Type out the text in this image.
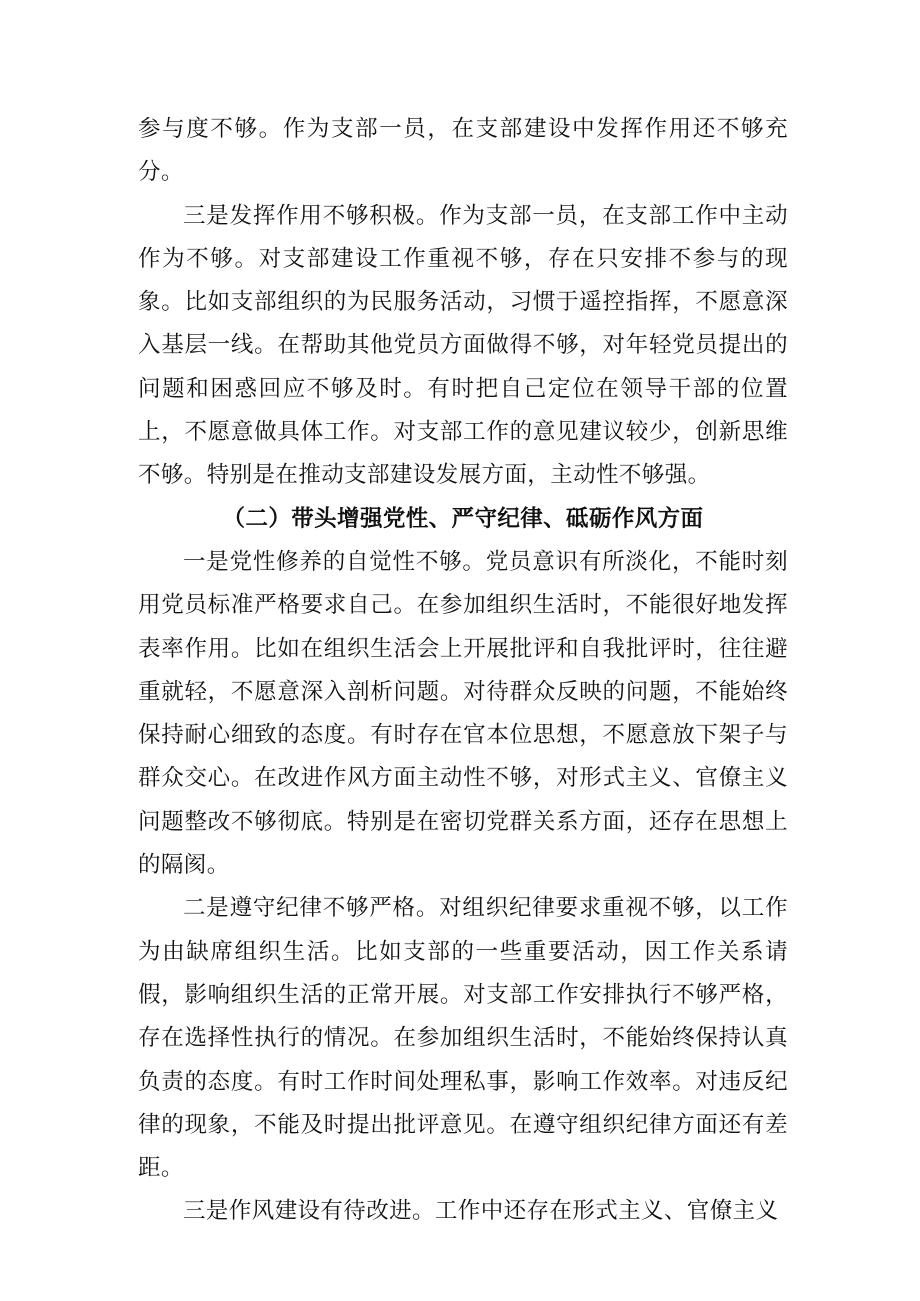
参与度不够。作为支部一员，在支部建设中发挥作用还不够充分。

三是发挥作用不够积极。作为支部一员，在支部工作中主动作为不够。对支部建设工作重视不够，存在只安排不参与的现象。比如支部组织的为民服务活动，习惯于遥控指挥，不愿意深入基层一线。在帮助其他党员方面做得不够，对年轻党员提出的问题和困惑回应不够及时。有时把自己定位在领导干部的位置上，不愿意做具体工作。对支部工作的意见建议较少，创新思维不够。特别是在推动支部建设发展方面，主动性不够强。

（二）带头增强党性、严守纪律、砥砺作风方面

一是党性修养的自觉性不够。党员意识有所淡化，不能时刻用党员标准严格要求自己。在参加组织生活时，不能很好地发挥表率作用。比如在组织生活会上开展批评和自我批评时，往往避重就轻，不愿意深入剖析问题。对待群众反映的问题，不能始终保持耐心细致的态度。有时存在官本位思想，不愿意放下架子与群众交心。在改进作风方面主动性不够，对形式主义、官僚主义问题整改不够彻底。特别是在密切党群关系方面，还存在思想上的隔阂。

二是遵守纪律不够严格。对组织纪律要求重视不够，以工作为由缺席组织生活。比如支部的一些重要活动，因工作关系请假，影响组织生活的正常开展。对支部工作安排执行不够严格，存在选择性执行的情况。在参加组织生活时，不能始终保持认真负责的态度。有时工作时间处理私事，影响工作效率。对违反纪律的现象，不能及时提出批评意见。在遵守组织纪律方面还有差距。

三是作风建设有待改进。工作中还存在形式主义、官僚主义
